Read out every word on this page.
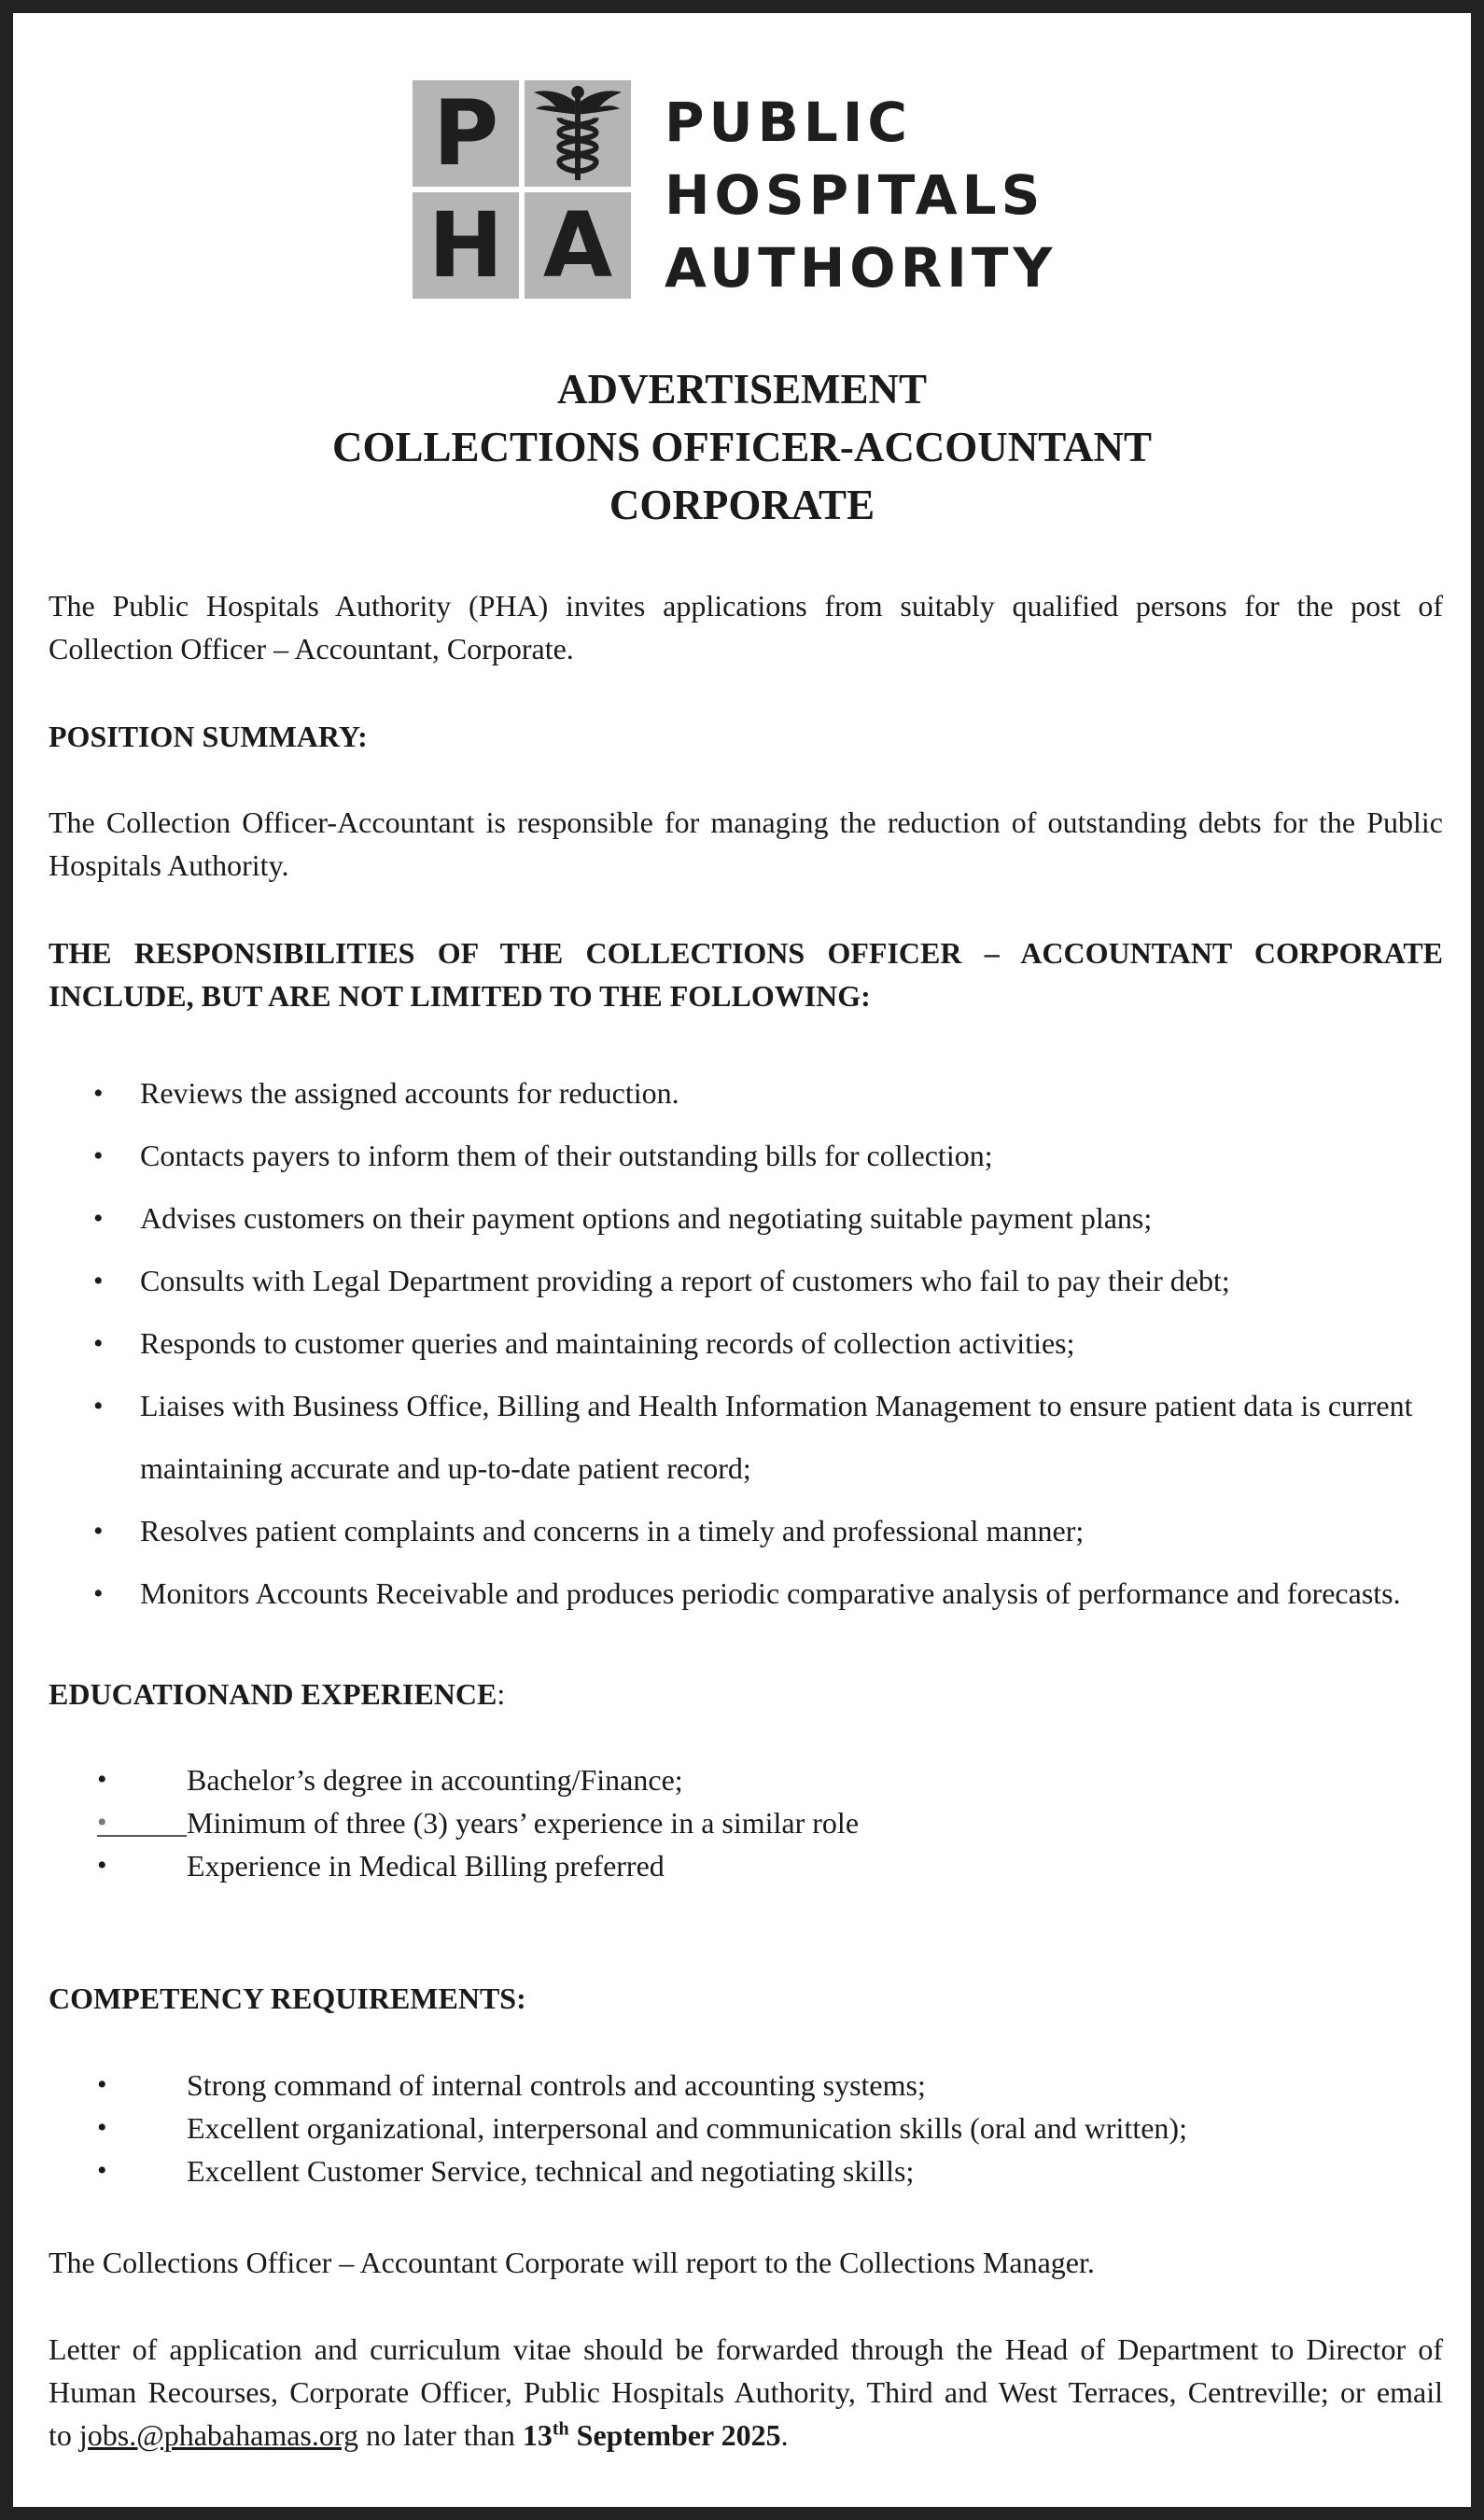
P
H A
PUBLIC
HOSPITALS
AUTHORITY
ADVERTISEMENT
COLLECTIONS OFFICER-ACCOUNTANT
CORPORATE
The Public Hospitals Authority (PHA) invites applications from suitably qualified persons for the post of
Collection Officer – Accountant, Corporate.
POSITION SUMMARY:
The Collection Officer-Accountant is responsible for managing the reduction of outstanding debts for the Public
Hospitals Authority.
THE RESPONSIBILITIES OF THE COLLECTIONS OFFICER – ACCOUNTANT CORPORATE
INCLUDE, BUT ARE NOT LIMITED TO THE FOLLOWING:
• Reviews the assigned accounts for reduction.
• Contacts payers to inform them of their outstanding bills for collection;
• Advises customers on their payment options and negotiating suitable payment plans;
• Consults with Legal Department providing a report of customers who fail to pay their debt;
• Responds to customer queries and maintaining records of collection activities;
• Liaises with Business Office, Billing and Health Information Management to ensure patient data is current
maintaining accurate and up-to-date patient record;
• Resolves patient complaints and concerns in a timely and professional manner;
• Monitors Accounts Receivable and produces periodic comparative analysis of performance and forecasts.
EDUCATIONAND EXPERIENCE:
•	Bachelor’s degree in accounting/Finance;
•	Minimum of three (3) years’ experience in a similar role
•	Experience in Medical Billing preferred
COMPETENCY REQUIREMENTS:
•	Strong command of internal controls and accounting systems;
•	Excellent organizational, interpersonal and communication skills (oral and written);
•	Excellent Customer Service, technical and negotiating skills;
The Collections Officer – Accountant Corporate will report to the Collections Manager.
Letter of application and curriculum vitae should be forwarded through the Head of Department to Director of
Human Recourses, Corporate Officer, Public Hospitals Authority, Third and West Terraces, Centreville; or email
to jobs.@phabahamas.org no later than 13th September 2025.
